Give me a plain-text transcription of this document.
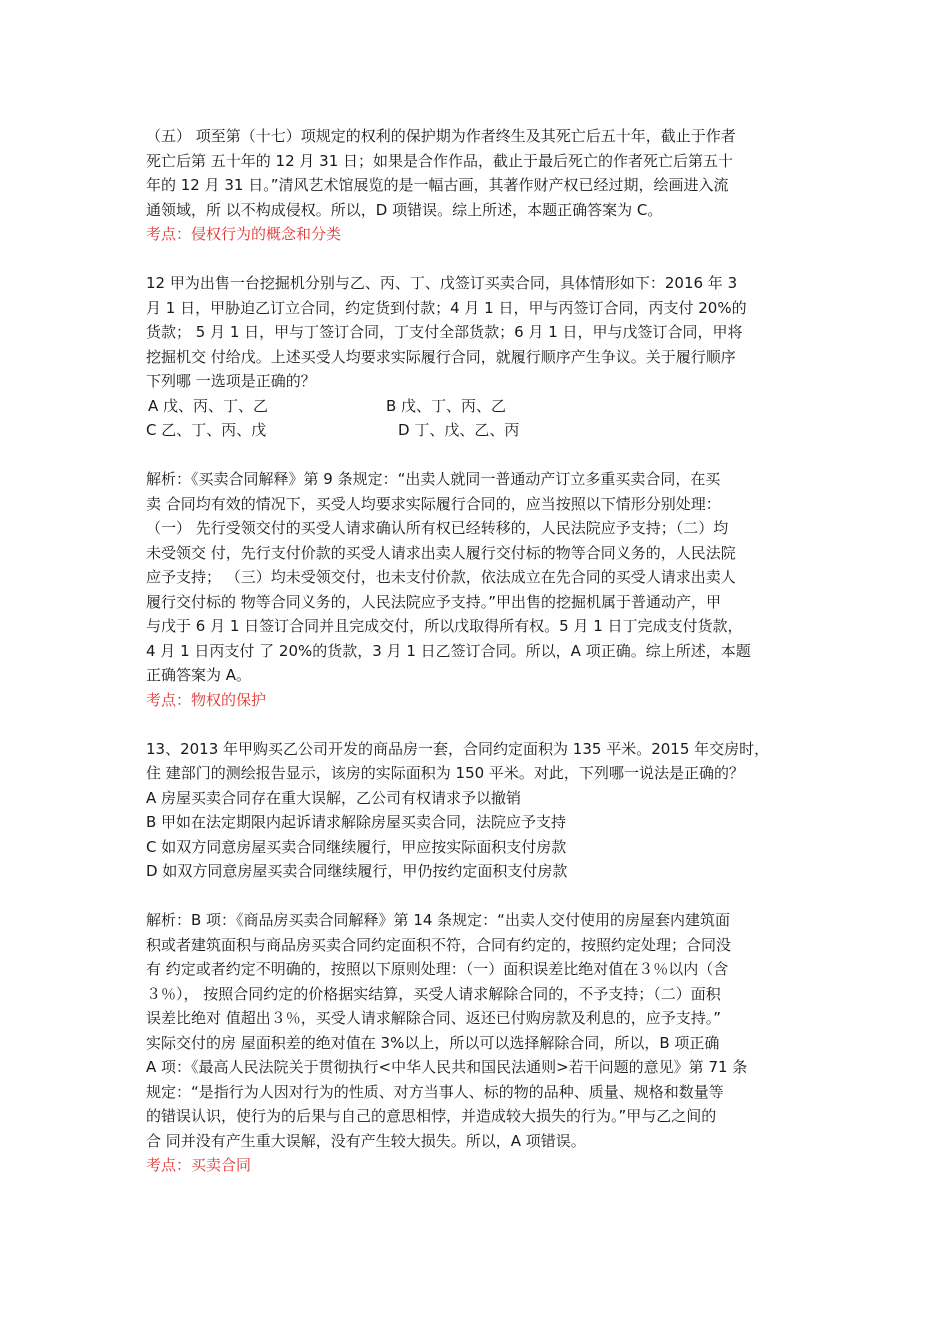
（五） 项至第（十七）项规定的权利的保护期为作者终生及其死亡后五十年，截止于作者
死亡后第 五十年的 12 月 31 日；如果是合作作品，截止于最后死亡的作者死亡后第五十
年的 12 月 31 日。”清风艺术馆展览的是一幅古画，其著作财产权已经过期，绘画进入流
通领域，所 以不构成侵权。所以，D 项错误。综上所述，本题正确答案为 C。
考点：侵权行为的概念和分类
12 甲为出售一台挖掘机分别与乙、丙、丁、戊签订买卖合同，具体情形如下：2016 年 3
月 1 日，甲胁迫乙订立合同，约定货到付款；4 月 1 日，甲与丙签订合同，丙支付 20%的
货款； 5 月 1 日，甲与丁签订合同，丁支付全部货款；6 月 1 日，甲与戊签订合同，甲将
挖掘机交 付给戊。上述买受人均要求实际履行合同，就履行顺序产生争议。关于履行顺序
下列哪 一选项是正确的？
A 戊、丙、丁、乙	B 戊、丁、丙、乙
C 乙、丁、丙、戊	D 丁、戊、乙、丙
解析：《买卖合同解释》第 9 条规定：“出卖人就同一普通动产订立多重买卖合同，在买
卖 合同均有效的情况下，买受人均要求实际履行合同的，应当按照以下情形分别处理：
（一） 先行受领交付的买受人请求确认所有权已经转移的，人民法院应予支持；（二）均
未受领交 付，先行支付价款的买受人请求出卖人履行交付标的物等合同义务的，人民法院
应予支持； （三）均未受领交付，也未支付价款，依法成立在先合同的买受人请求出卖人
履行交付标的 物等合同义务的，人民法院应予支持。”甲出售的挖掘机属于普通动产，甲
与戊于 6 月 1 日签订合同并且完成交付，所以戊取得所有权。5 月 1 日丁完成支付货款，
4 月 1 日丙支付 了 20%的货款，3 月 1 日乙签订合同。所以，A 项正确。综上所述，本题
正确答案为 A。
考点：物权的保护
13、2013 年甲购买乙公司开发的商品房一套，合同约定面积为 135 平米。2015 年交房时，
住 建部门的测绘报告显示，该房的实际面积为 150 平米。对此，下列哪一说法是正确的？
A 房屋买卖合同存在重大误解，乙公司有权请求予以撤销
B 甲如在法定期限内起诉请求解除房屋买卖合同，法院应予支持
C 如双方同意房屋买卖合同继续履行，甲应按实际面积支付房款
D 如双方同意房屋买卖合同继续履行，甲仍按约定面积支付房款
解析：B 项：《商品房买卖合同解释》第 14 条规定：“出卖人交付使用的房屋套内建筑面
积或者建筑面积与商品房买卖合同约定面积不符，合同有约定的，按照约定处理；合同没
有 约定或者约定不明确的，按照以下原则处理：（一）面积误差比绝对值在３％以内（含
３％）， 按照合同约定的价格据实结算，买受人请求解除合同的，不予支持；（二）面积
误差比绝对 值超出３％，买受人请求解除合同、返还已付购房款及利息的，应予支持。”
实际交付的房 屋面积差的绝对值在 3%以上，所以可以选择解除合同，所以，B 项正确
A 项：《最高人民法院关于贯彻执行<中华人民共和国民法通则>若干问题的意见》第 71 条
规定：“是指行为人因对行为的性质、对方当事人、标的物的品种、质量、规格和数量等
的错误认识，使行为的后果与自己的意思相悖，并造成较大损失的行为。”甲与乙之间的
合 同并没有产生重大误解，没有产生较大损失。所以，A 项错误。
考点：买卖合同
